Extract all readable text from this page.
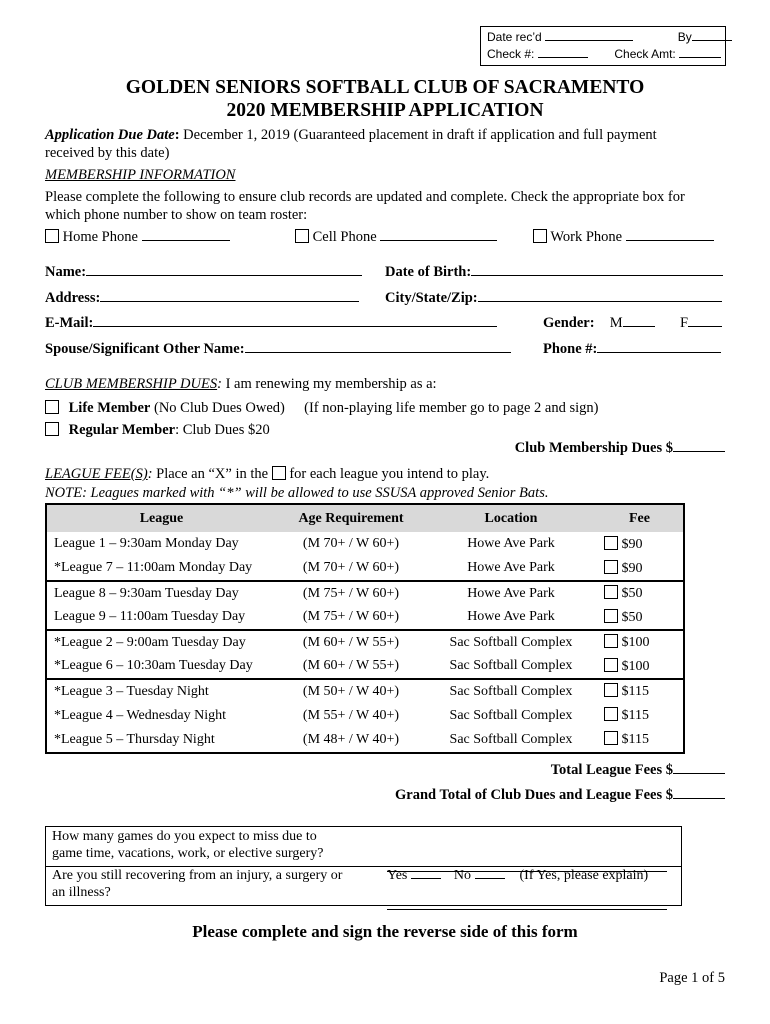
Date rec’d	By
Check #:	Check Amt:
GOLDEN SENIORS SOFTBALL CLUB OF SACRAMENTO
2020 MEMBERSHIP APPLICATION
Application Due Date: December 1, 2019 (Guaranteed placement in draft if application and full payment
received by this date)
MEMBERSHIP INFORMATION
Please complete the following to ensure club records are updated and complete. Check the appropriate box for
which phone number to show on team roster:
Home Phone	Cell Phone	Work Phone
Name:	Date of Birth:
Address:	City/State/Zip:
E-Mail:	Gender: M	F
Spouse/Significant Other Name:	Phone #:
CLUB MEMBERSHIP DUES: I am renewing my membership as a:
Life Member (No Club Dues Owed) (If non-playing life member go to page 2 and sign)
Regular Member: Club Dues $20
Club Membership Dues $
LEAGUE FEE(S): Place an “X” in the for each league you intend to play.
NOTE: Leagues marked with “*” will be allowed to use SSUSA approved Senior Bats.
League	Age Requirement	Location	Fee
League 1 – 9:30am Monday Day	(M 70+ / W 60+)	Howe Ave Park	$90
*League 7 – 11:00am Monday Day	(M 70+ / W 60+)	Howe Ave Park	$90
League 8 – 9:30am Tuesday Day	(M 75+ / W 60+)	Howe Ave Park	$50
League 9 – 11:00am Tuesday Day	(M 75+ / W 60+)	Howe Ave Park	$50
*League 2 – 9:00am Tuesday Day	(M 60+ / W 55+)	Sac Softball Complex	$100
*League 6 – 10:30am Tuesday Day	(M 60+ / W 55+)	Sac Softball Complex	$100
*League 3 – Tuesday Night	(M 50+ / W 40+)	Sac Softball Complex	$115
*League 4 – Wednesday Night	(M 55+ / W 40+)	Sac Softball Complex	$115
*League 5 – Thursday Night	(M 48+ / W 40+)	Sac Softball Complex	$115
Total League Fees $
Grand Total of Club Dues and League Fees $
How many games do you expect to miss due to
game time, vacations, work, or elective surgery?
Are you still recovering from an injury, a surgery or
an illness?
Yes	No	(If Yes, please explain)
Please complete and sign the reverse side of this form
Page 1 of 5
